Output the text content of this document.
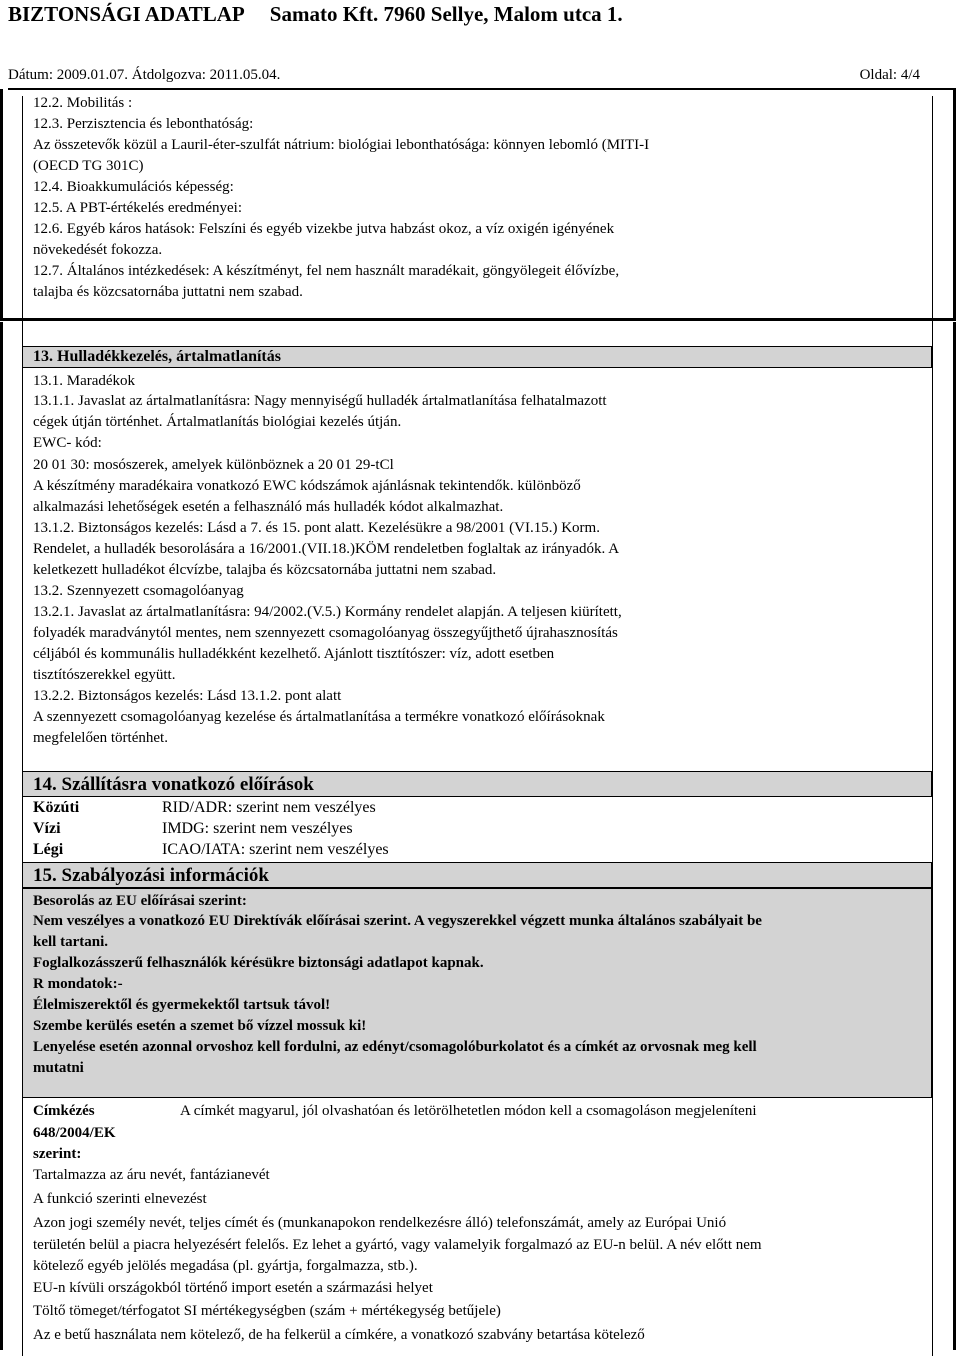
BIZTONSÁGI ADATLAP     Samato Kft. 7960 Sellye, Malom utca 1.
Dátum: 2009.01.07. Átdolgozva: 2011.05.04.	Oldal: 4/4
12.2. Mobilitás :
12.3. Perzisztencia és lebonthatóság:
Az összetevők közül a Lauril-éter-szulfát nátrium: biológiai lebonthatósága: könnyen lebomló (MITI-I
(OECD TG 301C)
12.4. Bioakkumulációs képesség:
12.5. A PBT-értékelés eredményei:
12.6. Egyéb káros hatások: Felszíni és egyéb vizekbe jutva habzást okoz, a víz oxigén igényének
növekedését fokozza.
12.7. Általános intézkedések: A készítményt, fel nem használt maradékait, göngyölegeit élővízbe,
talajba és közcsatornába juttatni nem szabad.
13. Hulladékkezelés, ártalmatlanítás
13.1. Maradékok
13.1.1. Javaslat az ártalmatlanításra: Nagy mennyiségű hulladék ártalmatlanítása felhatalmazott
cégek útján történhet. Ártalmatlanítás biológiai kezelés útján.
EWC- kód:
20 01 30: mosószerek, amelyek különböznek a 20 01 29-tCl
A készítmény maradékaira vonatkozó EWC kódszámok ajánlásnak tekintendők. különböző
alkalmazási lehetőségek esetén a felhasználó más hulladék kódot alkalmazhat.
13.1.2. Biztonságos kezelés: Lásd a 7. és 15. pont alatt. Kezelésükre a 98/2001 (VI.15.) Korm.
Rendelet, a hulladék besorolására a 16/2001.(VII.18.)KÖM rendeletben foglaltak az irányadók. A
keletkezett hulladékot élcvízbe, talajba és közcsatornába juttatni nem szabad.
13.2. Szennyezett csomagolóanyag
13.2.1. Javaslat az ártalmatlanításra: 94/2002.(V.5.) Kormány rendelet alapján. A teljesen kiürített,
folyadék maradványtól mentes, nem szennyezett csomagolóanyag összegyűjthető újrahasznosítás
céljából és kommunális hulladékként kezelhető. Ajánlott tisztítószer: víz, adott esetben
tisztítószerekkel együtt.
13.2.2. Biztonságos kezelés: Lásd 13.1.2. pont alatt
A szennyezett csomagolóanyag kezelése és ártalmatlanítása a termékre vonatkozó előírásoknak
megfelelően történhet.
14. Szállításra vonatkozó előírások
Közúti	RID/ADR: szerint nem veszélyes
Vízi	IMDG: szerint nem veszélyes
Légi	ICAO/IATA: szerint nem veszélyes
15. Szabályozási információk
Besorolás az EU előírásai szerint:
Nem veszélyes a vonatkozó EU Direktívák előírásai szerint. A vegyszerekkel végzett munka általános szabályait be
kell tartani.
Foglalkozásszerű felhasználók kérésükre biztonsági adatlapot kapnak.
R mondatok:-
Élelmiszerektől és gyermekektől tartsuk távol!
Szembe kerülés esetén a szemet bő vízzel mossuk ki!
Lenyelése esetén azonnal orvoshoz kell fordulni, az edényt/csomagolóburkolatot és a címkét az orvosnak meg kell
mutatni
Címkézés
648/2004/EK
szerint:
A címkét magyarul, jól olvashatóan és letörölhetetlen módon kell a csomagoláson megjeleníteni
Tartalmazza az áru nevét, fantázianevét
A funkció szerinti elnevezést
Azon jogi személy nevét, teljes címét és (munkanapokon rendelkezésre álló) telefonszámát, amely az Európai Unió
területén belül a piacra helyezésért felelős. Ez lehet a gyártó, vagy valamelyik forgalmazó az EU-n belül. A név előtt nem
kötelező egyéb jelölés megadása (pl. gyártja, forgalmazza, stb.).
EU-n kívüli országokból történő import esetén a származási helyet
Töltő tömeget/térfogatot SI mértékegységben (szám + mértékegység betűjele)
Az e betű használata nem kötelező, de ha felkerül a címkére, a vonatkozó szabvány betartása kötelező
